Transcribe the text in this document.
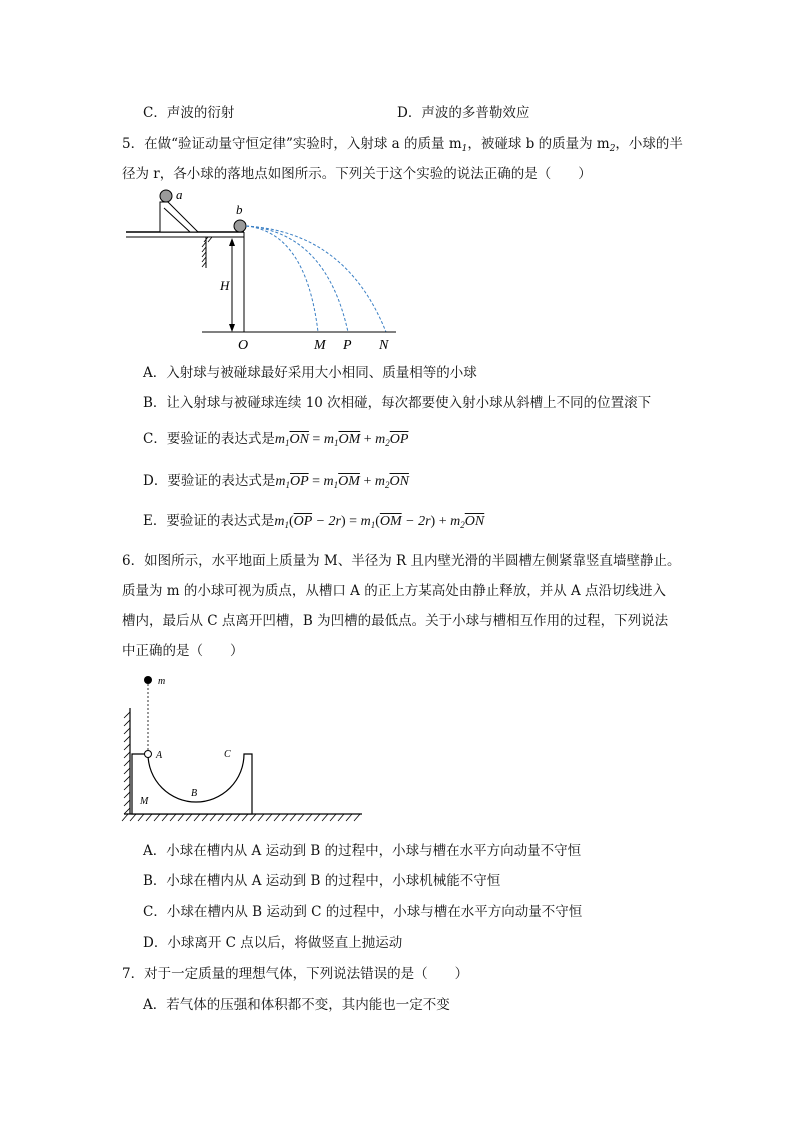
C．声波的衍射	D．声波的多普勒效应
5．在做“验证动量守恒定律”实验时，入射球 a 的质量 $m_1$，被碰球 b 的质量为 $m_2$，小球的半
径为 r，各小球的落地点如图所示。下列关于这个实验的说法正确的是（　　）
a
b
H
O	M P N
A．入射球与被碰球最好采用大小相同、质量相等的小球
B．让入射球与被碰球连续 10 次相碰，每次都要使入射小球从斜槽上不同的位置滚下
C．要验证的表达式是$m_1\overline{ON} = m_1\overline{OM} + m_2\overline{OP}$
D．要验证的表达式是$m_1\overline{OP} = m_1\overline{OM} + m_2\overline{ON}$
E．要验证的表达式是$m_1(\overline{OP} - 2r) = m_1(\overline{OM} - 2r) + m_2\overline{ON}$
6．如图所示，水平地面上质量为 M、半径为 R 且内壁光滑的半圆槽左侧紧靠竖直墙壁静止。
质量为 m 的小球可视为质点，从槽口 A 的正上方某高处由静止释放，并从 A 点沿切线进入
槽内，最后从 C 点离开凹槽，B 为凹槽的最低点。关于小球与槽相互作用的过程，下列说法
中正确的是（　　）
m
A	C
B
M
A．小球在槽内从 A 运动到 B 的过程中，小球与槽在水平方向动量不守恒
B．小球在槽内从 A 运动到 B 的过程中，小球机械能不守恒
C．小球在槽内从 B 运动到 C 的过程中，小球与槽在水平方向动量不守恒
D．小球离开 C 点以后，将做竖直上抛运动
7．对于一定质量的理想气体，下列说法错误的是（　　）
A．若气体的压强和体积都不变，其内能也一定不变
